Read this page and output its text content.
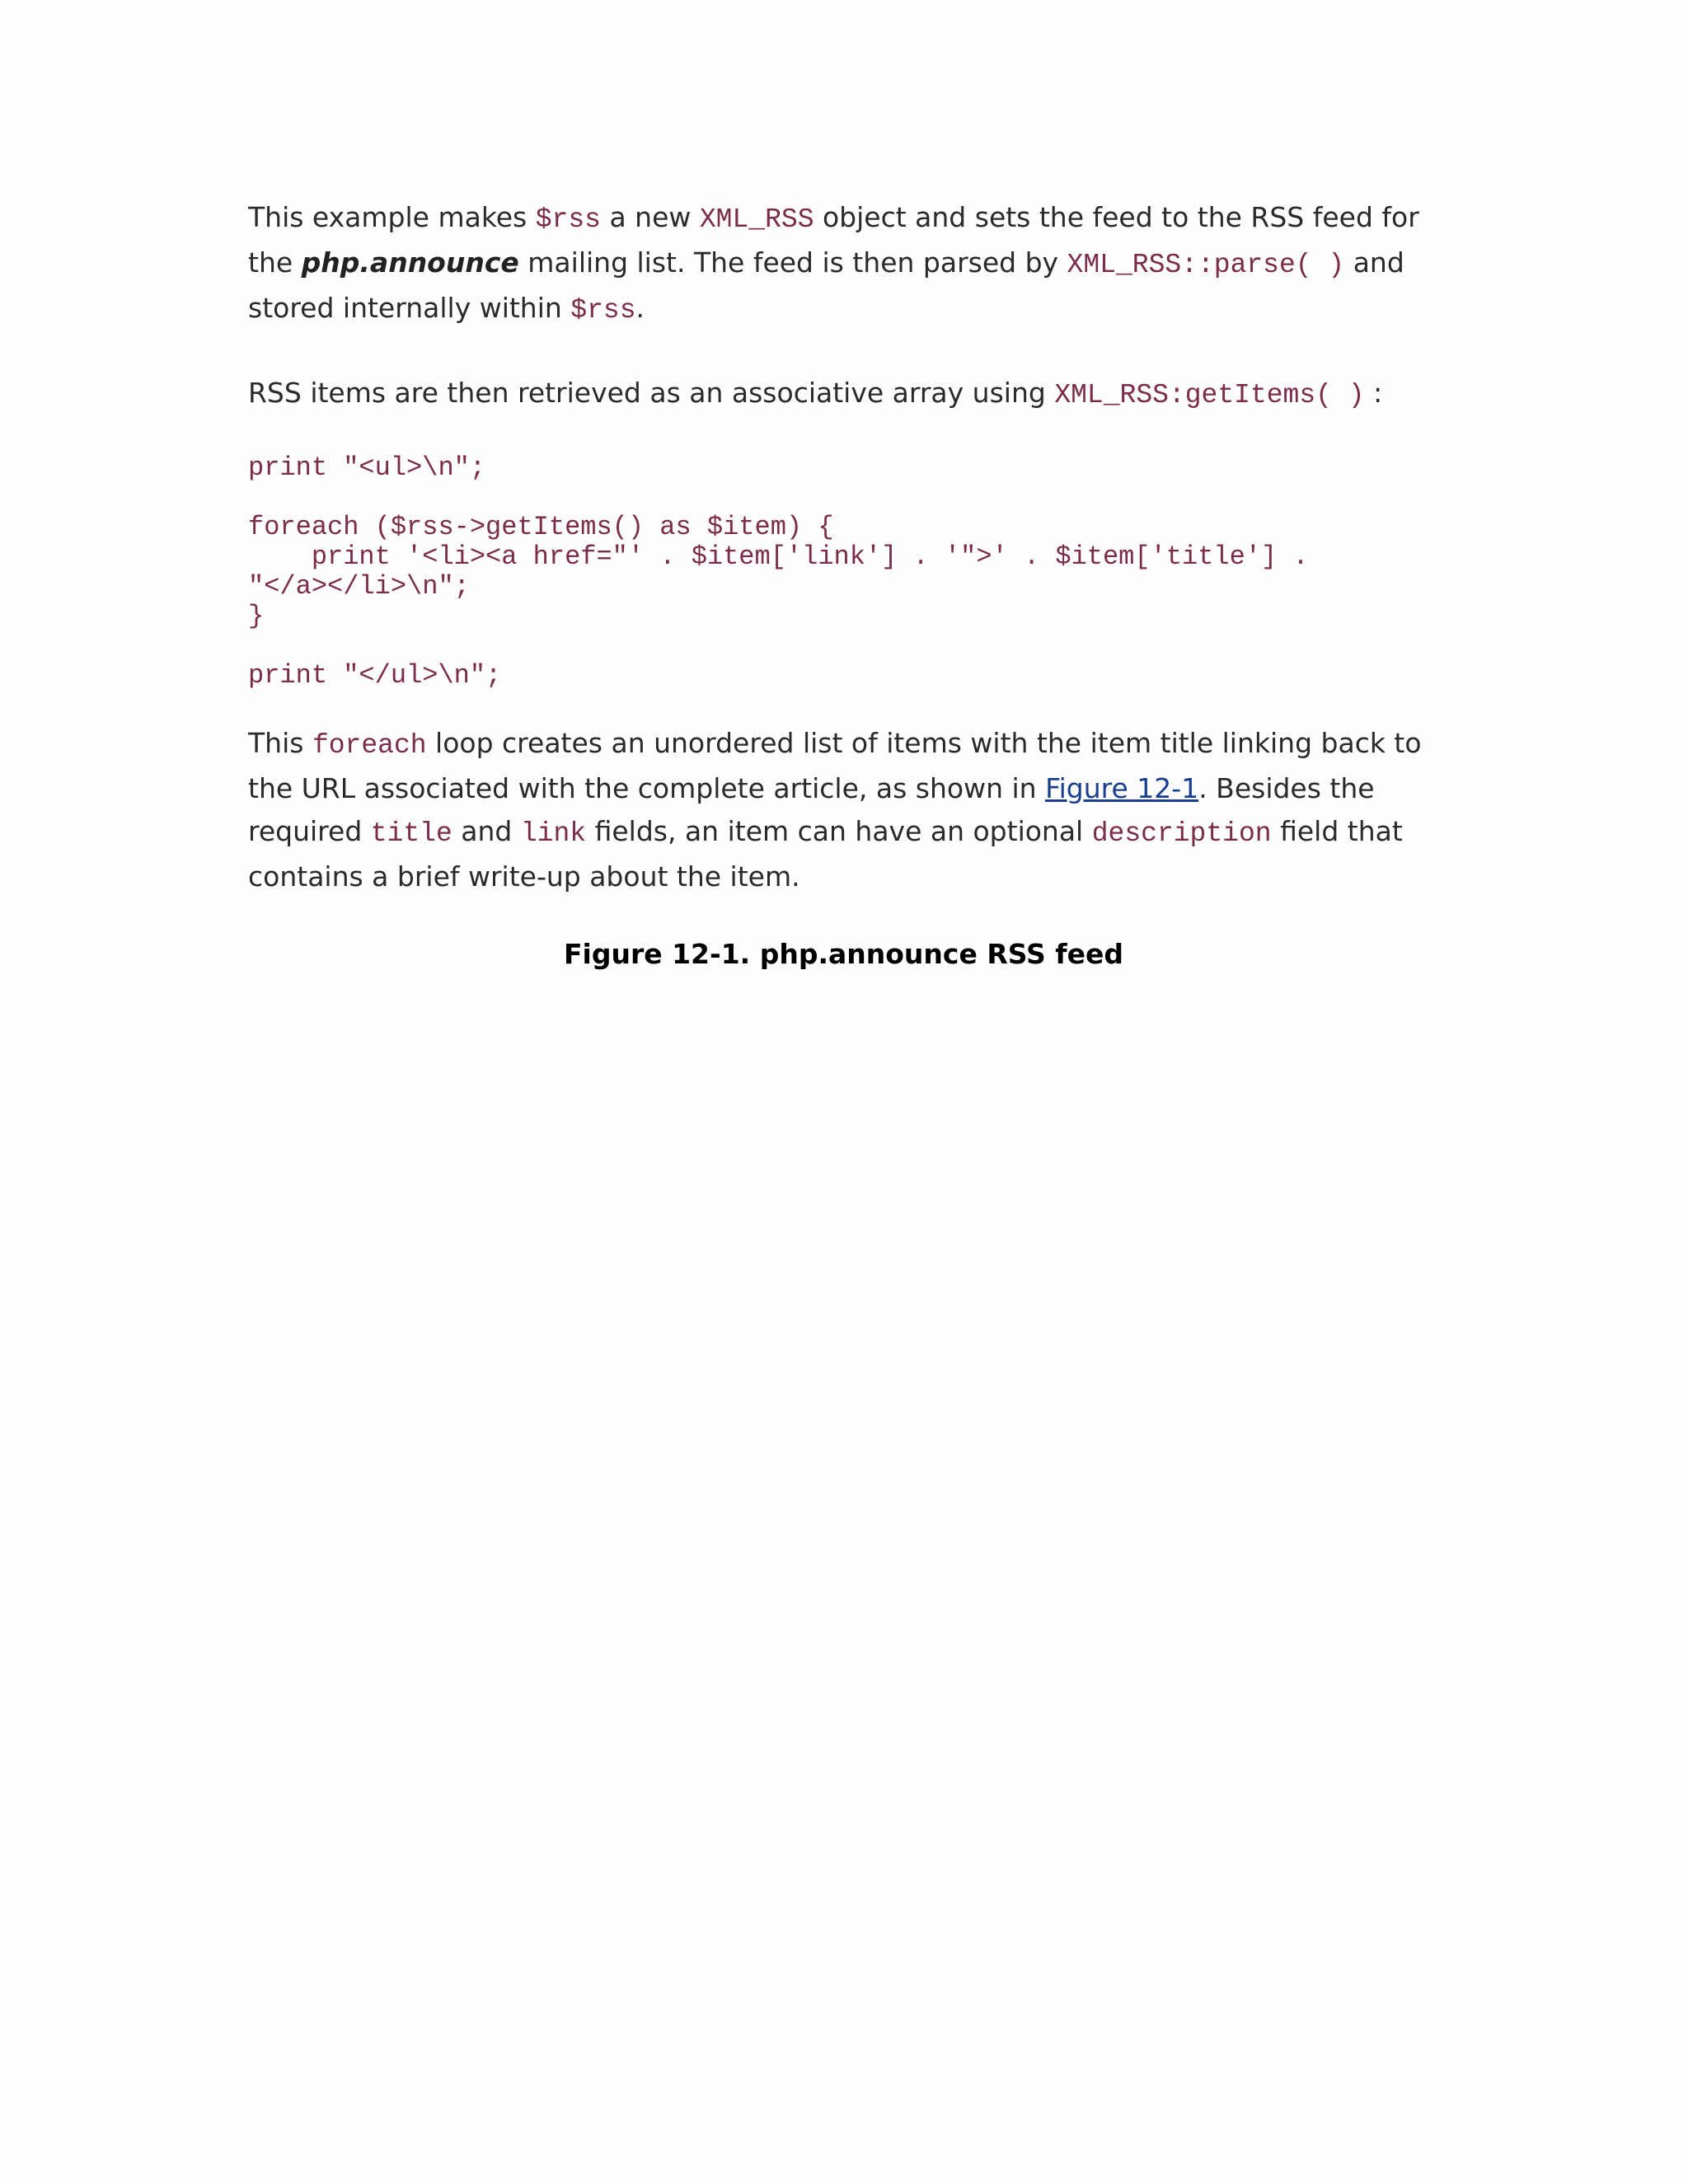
This example makes $rss a new XML_RSS object and sets the feed to the RSS feed for the php.announce mailing list. The feed is then parsed by XML_RSS::parse( ) and stored internally within $rss.

RSS items are then retrieved as an associative array using XML_RSS:getItems( ) :

print "<ul>\n";
foreach ($rss->getItems() as $item) {
print '<li><a href="' . $item['link'] . '">' . $item['title'] .
"</a></li>\n";
}
print "</ul>\n";

This foreach loop creates an unordered list of items with the item title linking back to the URL associated with the complete article, as shown in Figure 12-1. Besides the required title and link fields, an item can have an optional description field that contains a brief write-up about the item.

Figure 12-1. php.announce RSS feed
